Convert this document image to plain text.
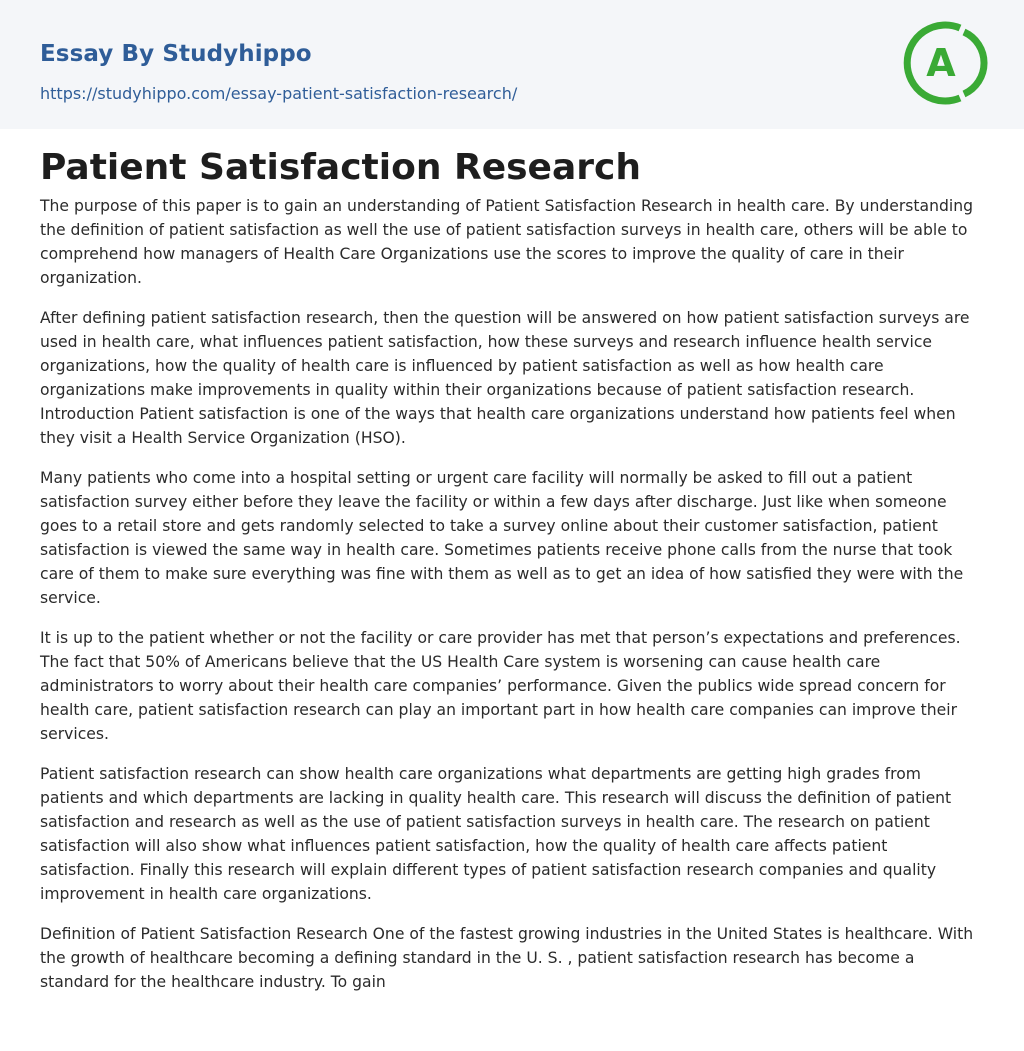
Essay By Studyhippo
https://studyhippo.com/essay-patient-satisfaction-research/
A
Patient Satisfaction Research

The purpose of this paper is to gain an understanding of Patient Satisfaction Research in health care. By understanding the definition of patient satisfaction as well the use of patient satisfaction surveys in health care, others will be able to comprehend how managers of Health Care Organizations use the scores to improve the quality of care in their organization.

After defining patient satisfaction research, then the question will be answered on how patient satisfaction surveys are used in health care, what influences patient satisfaction, how these surveys and research influence health service organizations, how the quality of health care is influenced by patient satisfaction as well as how health care organizations make improvements in quality within their organizations because of patient satisfaction research. Introduction Patient satisfaction is one of the ways that health care organizations understand how patients feel when they visit a Health Service Organization (HSO).

Many patients who come into a hospital setting or urgent care facility will normally be asked to fill out a patient satisfaction survey either before they leave the facility or within a few days after discharge. Just like when someone goes to a retail store and gets randomly selected to take a survey online about their customer satisfaction, patient satisfaction is viewed the same way in health care. Sometimes patients receive phone calls from the nurse that took care of them to make sure everything was fine with them as well as to get an idea of how satisfied they were with the service.

It is up to the patient whether or not the facility or care provider has met that person’s expectations and preferences. The fact that 50% of Americans believe that the US Health Care system is worsening can cause health care administrators to worry about their health care companies’ performance. Given the publics wide spread concern for health care, patient satisfaction research can play an important part in how health care companies can improve their services.

Patient satisfaction research can show health care organizations what departments are getting high grades from patients and which departments are lacking in quality health care. This research will discuss the definition of patient satisfaction and research as well as the use of patient satisfaction surveys in health care. The research on patient satisfaction will also show what influences patient satisfaction, how the quality of health care affects patient satisfaction. Finally this research will explain different types of patient satisfaction research companies and quality improvement in health care organizations.

Definition of Patient Satisfaction Research One of the fastest growing industries in the United States is healthcare. With the growth of healthcare becoming a defining standard in the U. S. , patient satisfaction research has become a standard for the healthcare industry. To gain
